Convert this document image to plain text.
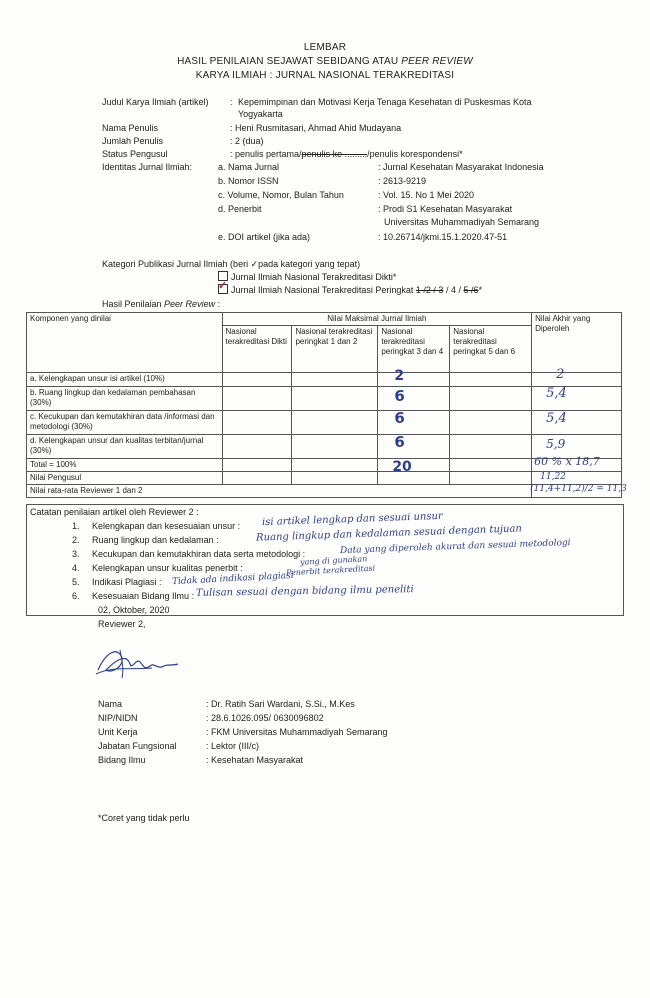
LEMBAR
HASIL PENILAIAN SEJAWAT SEBIDANG ATAU PEER REVIEW
KARYA ILMIAH : JURNAL NASIONAL TERAKREDITASI
Judul Karya Ilmiah (artikel) : Kepemimpinan dan Motivasi Kerja Tenaga Kesehatan di Puskesmas Kota
Yogyakarta
Nama Penulis	: Heni Rusmitasari, Ahmad Ahid Mudayana
Jumlah Penulis	: 2 (dua)
Status Pengusul	: penulis pertama/penulis ke ........./penulis korespondensi*
Identitas Jurnal Ilmiah:	a. Nama Jurnal	: Jurnal Kesehatan Masyarakat Indonesia
b. Nomor ISSN	: 2613-9219
c. Volume, Nomor, Bulan Tahun	: Vol. 15. No 1 Mei 2020
d. Penerbit	: Prodi S1 Kesehatan Masyarakat
Universitas Muhammadiyah Semarang
e. DOI artikel (jika ada)	: 10.26714/jkmi.15.1.2020.47-51
Kategori Publikasi Jurnal Ilmiah (beri ✓pada kategori yang tepat)
Jurnal Ilmiah Nasional Terakreditasi Dikti*
✓Jurnal Ilmiah Nasional Terakreditasi Peringkat 1 /2 / 3 / 4 / 5 /6*
Hasil Penilaian Peer Review :
Komponen yang dinilai	Nilai Maksimal Jurnal Ilmiah				Nilai Akhir yang Diperoleh
	Nasional terakreditasi Dikti	Nasional terakreditasi peringkat 1 dan 2	Nasional terakreditasi peringkat 3 dan 4	Nasional terakreditasi peringkat 5 dan 6	
a. Kelengkapan unsur isi artikel (10%)			2		2

b. Ruang lingkup dan kedalaman pembahasan (30%)			6		5,4

c. Kecukupan dan kemutakhiran data /informasi dan metodologi (30%)			6		5,4

d. Kelengkapan unsur dan kualitas terbitan/jurnal (30%)			6		5,9

Total = 100%			20		60 % x 18,7

Nilai Pengusul					11,22

Nilai rata-rata Reviewer 1 dan 2					(11,4+11,2)/2 = 11,3
Catatan penilaian artikel oleh Reviewer 2 :
1. Kelengkapan dan kesesuaian unsur : isi artikel lengkap dan sesuai unsur
2. Ruang lingkup dan kedalaman :	Ruang lingkup dan kedalaman sesuai dengan tujuan
3. Kecukupan dan kemutakhiran data serta metodologi :	Data yang diperoleh akurat dan sesuai metodologi
4. Kelengkapan unsur kualitas penerbit :	Penerbit terakreditasi
yang di gunakan
5. Indikasi Plagiasi : Tidak ada indikasi plagiasi
6. Kesesuaian Bidang Ilmu : Tulisan sesuai dengan bidang ilmu peneliti
02, Oktober, 2020
Reviewer 2,
Nama	: Dr. Ratih Sari Wardani, S.Si., M.Kes
NIP/NIDN	: 28.6.1026.095/ 0630096802
Unit Kerja	: FKM Universitas Muhammadiyah Semarang
Jabatan Fungsional	: Lektor (III/c)
Bidang Ilmu	: Kesehatan Masyarakat
*Coret yang tidak perlu
